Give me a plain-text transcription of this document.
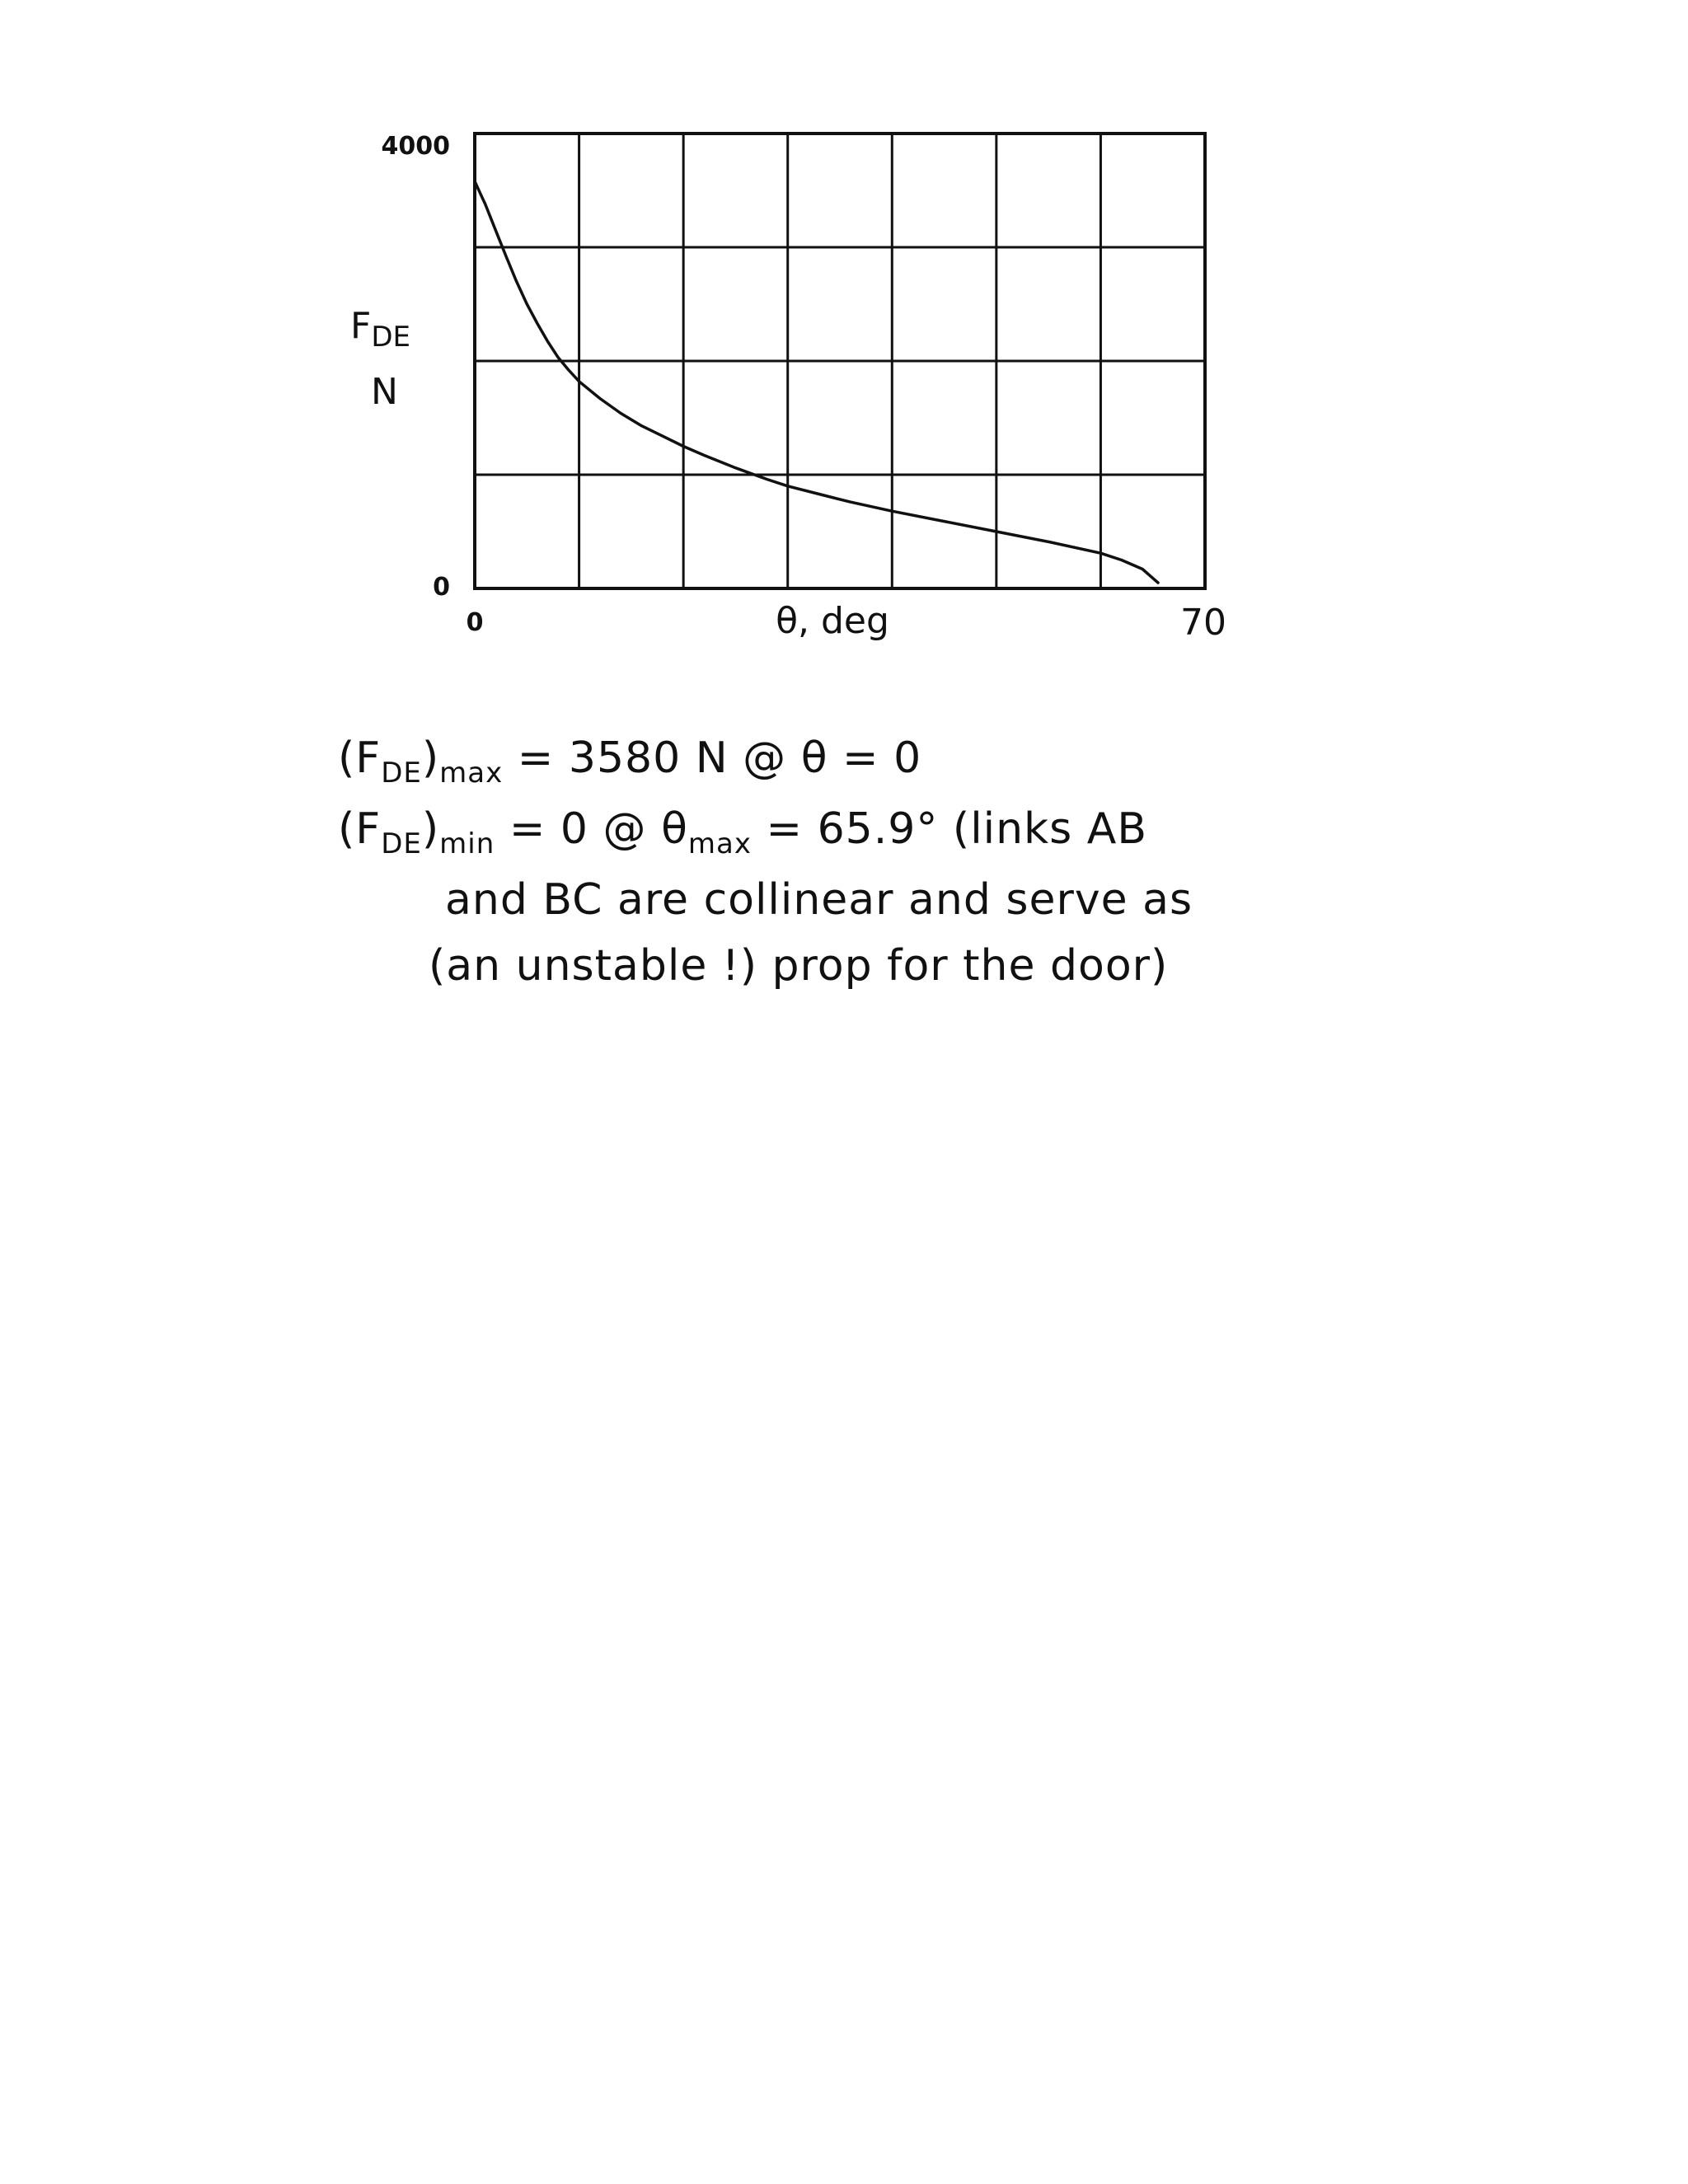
4000
0
0	70
θ, deg
$F_{DE}$
N
$(F_{DE})_{max} = 3580$ N @ θ = 0
$(F_{DE})_{min} = 0$ @ $\theta_{max} = 65.9^\circ$ (links AB
and BC are collinear and serve as
(an unstable !) prop for the door)
